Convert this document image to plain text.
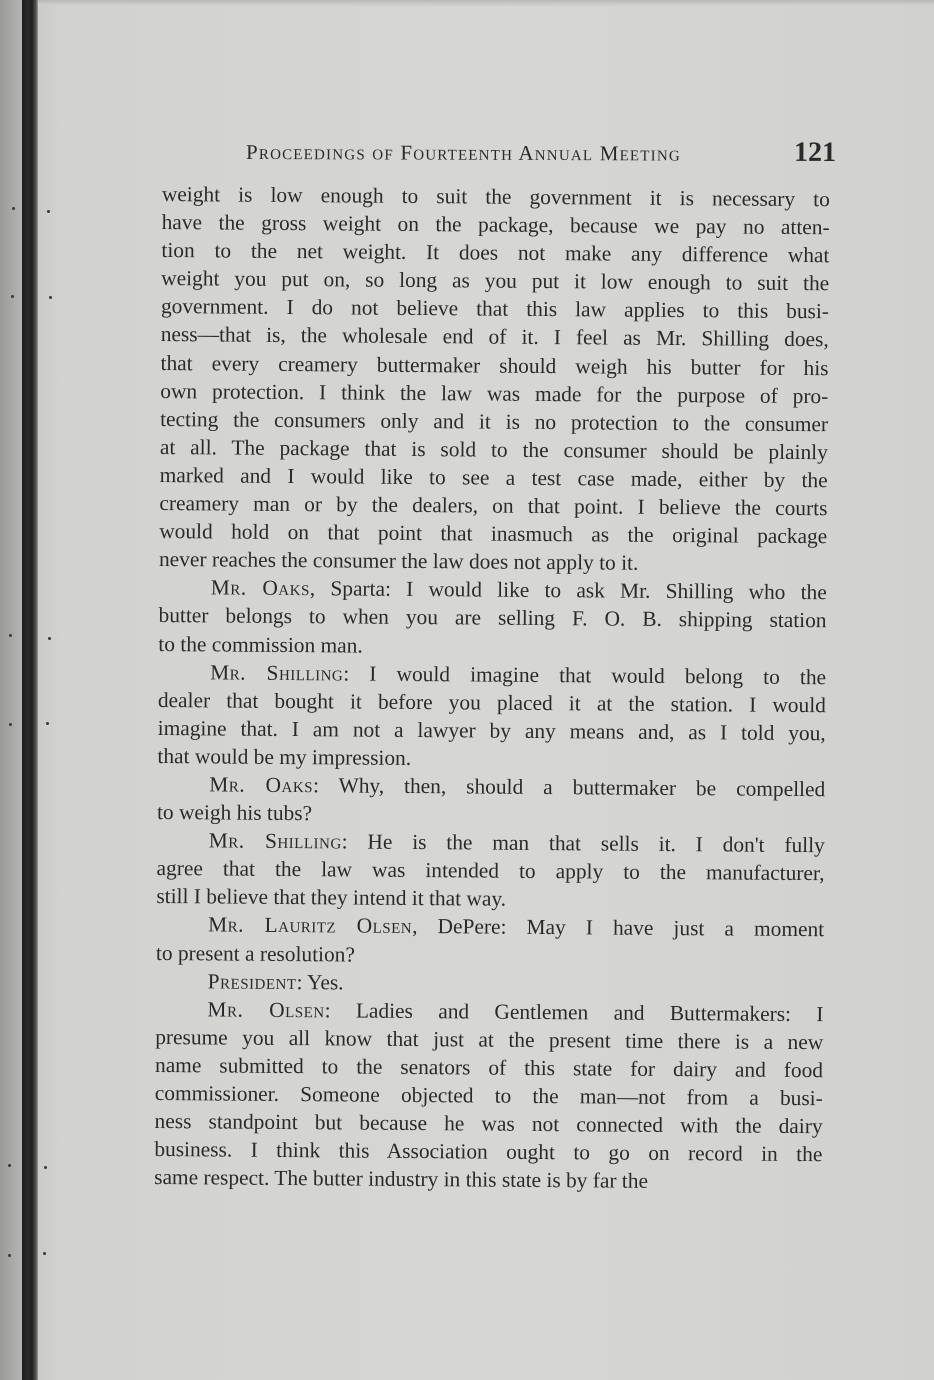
Proceedings of Fourteenth Annual Meeting	121
weight is low enough to suit the government it is necessary to
have the gross weight on the package, because we pay no atten-
tion to the net weight. It does not make any difference what
weight you put on, so long as you put it low enough to suit the
government. I do not believe that this law applies to this busi-
ness—that is, the wholesale end of it. I feel as Mr. Shilling does,
that every creamery buttermaker should weigh his butter for his
own protection. I think the law was made for the purpose of pro-
tecting the consumers only and it is no protection to the consumer
at all. The package that is sold to the consumer should be plainly
marked and I would like to see a test case made, either by the
creamery man or by the dealers, on that point. I believe the courts
would hold on that point that inasmuch as the original package
never reaches the consumer the law does not apply to it.
Mr. Oaks, Sparta: I would like to ask Mr. Shilling who the
butter belongs to when you are selling F. O. B. shipping station
to the commission man.
Mr. Shilling: I would imagine that would belong to the
dealer that bought it before you placed it at the station. I would
imagine that. I am not a lawyer by any means and, as I told you,
that would be my impression.
Mr. Oaks: Why, then, should a buttermaker be compelled
to weigh his tubs?
Mr. Shilling: He is the man that sells it. I don't fully
agree that the law was intended to apply to the manufacturer,
still I believe that they intend it that way.
Mr. Lauritz Olsen, DePere: May I have just a moment
to present a resolution?
President: Yes.
Mr. Olsen: Ladies and Gentlemen and Buttermakers: I
presume you all know that just at the present time there is a new
name submitted to the senators of this state for dairy and food
commissioner. Someone objected to the man—not from a busi-
ness standpoint but because he was not connected with the dairy
business. I think this Association ought to go on record in the
same respect. The butter industry in this state is by far the
